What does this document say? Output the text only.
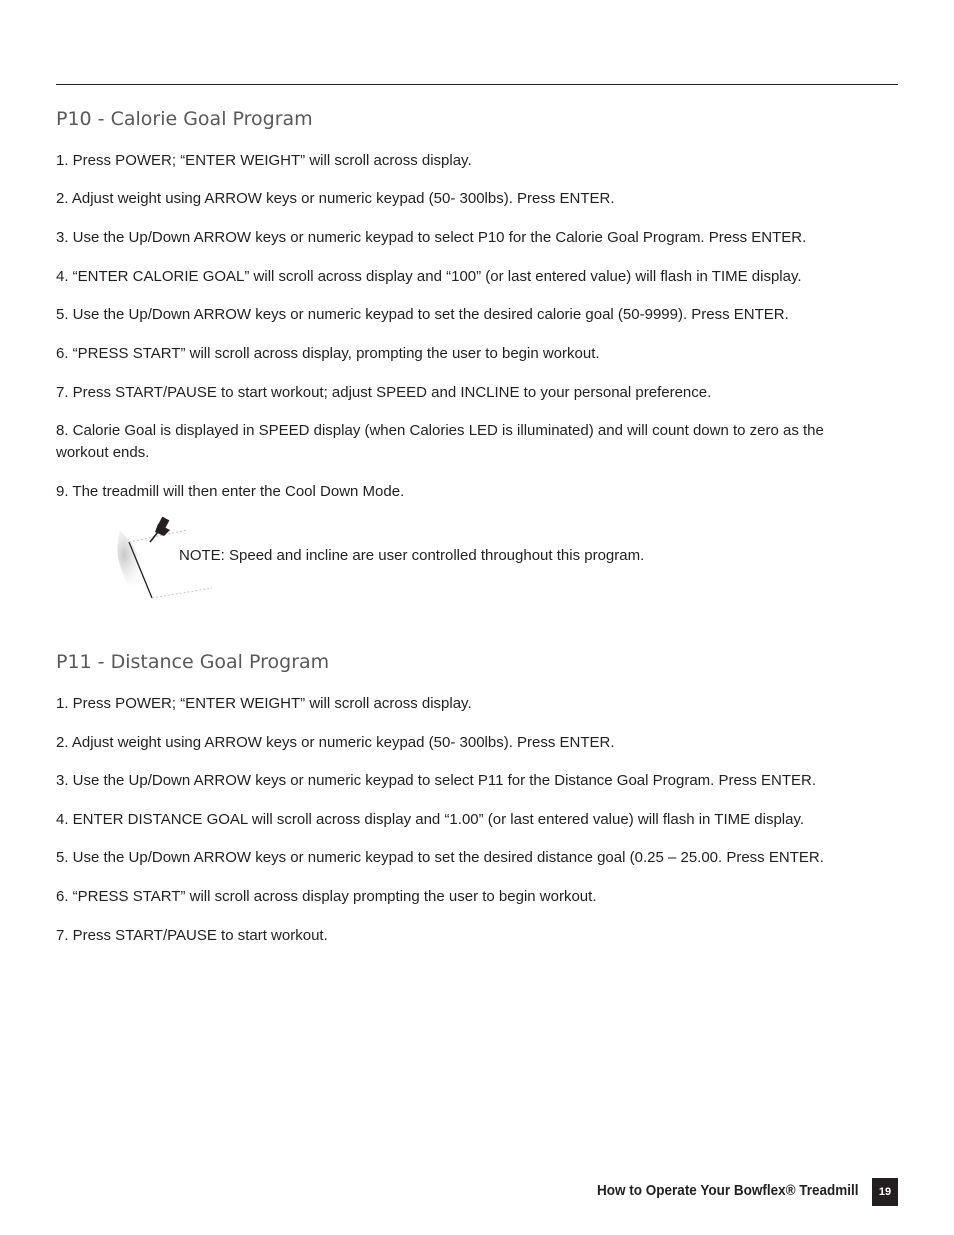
P10 - Calorie Goal Program
1. Press POWER; “ENTER WEIGHT” will scroll across display.
2. Adjust weight using ARROW keys or numeric keypad (50- 300lbs). Press ENTER.
3. Use the Up/Down ARROW keys or numeric keypad to select P10 for the Calorie Goal Program. Press ENTER.
4. “ENTER CALORIE GOAL” will scroll across display and “100” (or last entered value) will flash in TIME display.
5. Use the Up/Down ARROW keys or numeric keypad to set the desired calorie goal (50-9999). Press ENTER.
6. “PRESS START” will scroll across display, prompting the user to begin workout.
7. Press START/PAUSE to start workout; adjust SPEED and INCLINE to your personal preference.
8. Calorie Goal is displayed in SPEED display (when Calories LED is illuminated) and will count down to zero as the workout ends.
9. The treadmill will then enter the Cool Down Mode.
NOTE: Speed and incline are user controlled throughout this program.
P11 - Distance Goal Program
1. Press POWER; “ENTER WEIGHT” will scroll across display.
2. Adjust weight using ARROW keys or numeric keypad (50- 300lbs). Press ENTER.
3. Use the Up/Down ARROW keys or numeric keypad to select P11 for the Distance Goal Program. Press ENTER.
4. ENTER DISTANCE GOAL will scroll across display and “1.00” (or last entered value) will flash in TIME display.
5. Use the Up/Down ARROW keys or numeric keypad to set the desired distance goal (0.25 – 25.00. Press ENTER.
6. “PRESS START” will scroll across display prompting the user to begin workout.
7. Press START/PAUSE to start workout.
How to Operate Your Bowflex® Treadmill	19
